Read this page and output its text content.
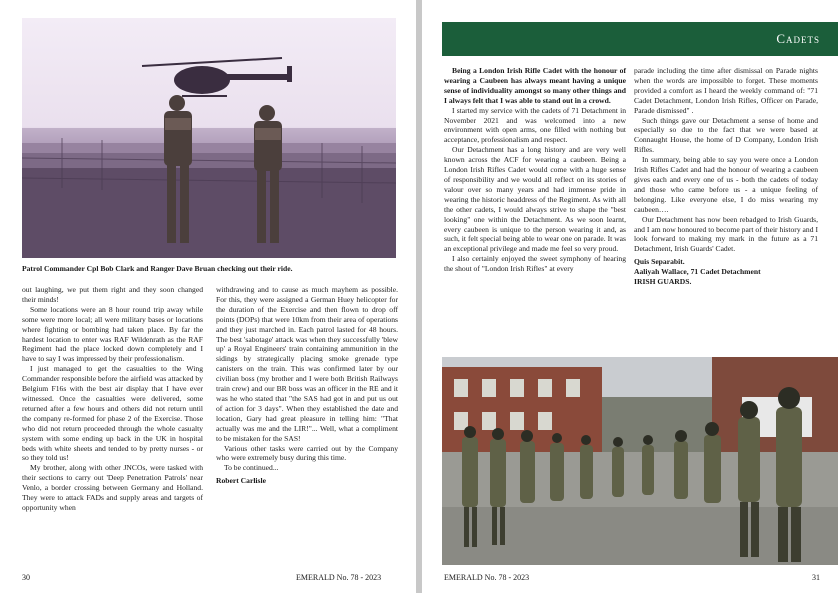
Patrol Commander Cpl Bob Clark and Ranger Dave Bruan checking out their ride.

out laughing, we put them right and they soon changed their minds!

Some locations were an 8 hour round trip away while some were more local; all were military bases or locations where fighting or bombing had taken place. By far the hardest location to enter was RAF Wildenrath as the RAF Regiment had the place locked down completely and I have to say I was impressed by their professionalism.

I just managed to get the casualties to the Wing Commander responsible before the airfield was attacked by Belgium F16s with the best air display that I have ever witnessed. Once the casualties were delivered, some returned after a few hours and others did not return until the company re-formed for phase 2 of the Exercise. Those who did not return proceeded through the whole casualty system with some ending up back in the UK in hospital beds with white sheets and tended to by pretty nurses - or so they told us!

My brother, along with other JNCOs, were tasked with their sections to carry out 'Deep Penetration Patrols' near Venlo, a border crossing between Germany and Holland. They were to attack FADs and supply areas and targets of opportunity when

withdrawing and to cause as much mayhem as possible. For this, they were assigned a German Huey helicopter for the duration of the Exercise and then flown to drop off points (DOPs) that were 10km from their area of operations and they just marched in. Each patrol lasted for 48 hours. The best 'sabotage' attack was when they successfully 'blew up' a Royal Engineers' train containing ammunition in the sidings by strategically placing smoke grenade type canisters on the train. This was confirmed later by our civilian boss (my brother and I were both British Railways train crew) and our BR boss was an officer in the RE and it was he who stated that "the SAS had got in and put us out of action for 3 days". When they established the date and location, Gary had great pleasure in telling him: "That actually was me and the LIR!"... Well, what a compliment to be mistaken for the SAS!

Various other tasks were carried out by the Company who were extremely busy during this time.

To be continued...

Robert Carlisle

30	EMERALD No. 78 - 2023
Cadets

Being a London Irish Rifle Cadet with the honour of wearing a Caubeen has always meant having a unique sense of individuality amongst so many other things and I always felt that I was able to stand out in a crowd.

I started my service with the cadets of 71 Detachment in November 2021 and was welcomed into a new environment with open arms, one filled with nothing but acceptance, professionalism and respect.

Our Detachment has a long history and are very well known across the ACF for wearing a caubeen. Being a London Irish Rifles Cadet would come with a huge sense of responsibility and we would all reflect on its stories of valour over so many years and had immense pride in wearing the historic headdress of the Regiment. As with all the other cadets, I would always strive to shape the "best looking" one within the Detachment. As we soon learnt, every caubeen is unique to the person wearing it and, as such, it felt special being able to wear one on parade. It was an exceptional privilege and made me feel so very proud.

I also certainly enjoyed the sweet symphony of hearing the shout of "London Irish Rifles" at every

parade including the time after dismissal on Parade nights when the words are impossible to forget. These moments provided a comfort as I heard the weekly command of: "71 Cadet Detachment, London Irish Rifles, Officer on Parade, Parade dismissed" .

Such things gave our Detachment a sense of home and especially so due to the fact that we were based at Connaught House, the home of D Company, London Irish Rifles.

In summary, being able to say you were once a London Irish Rifles Cadet and had the honour of wearing a caubeen gives each and every one of us - both the cadets of today and those who came before us - a unique feeling of belonging. Like everyone else, I do miss wearing my caubeen….

Our Detachment has now been rebadged to Irish Guards, and I am now honoured to become part of their history and I look forward to making my mark in the future as a 71 Detachment, Irish Guards' Cadet.

Quis Separabit.

Aaliyah Wallace, 71 Cadet Detachment

IRISH GUARDS.

EMERALD No. 78 - 2023	31
